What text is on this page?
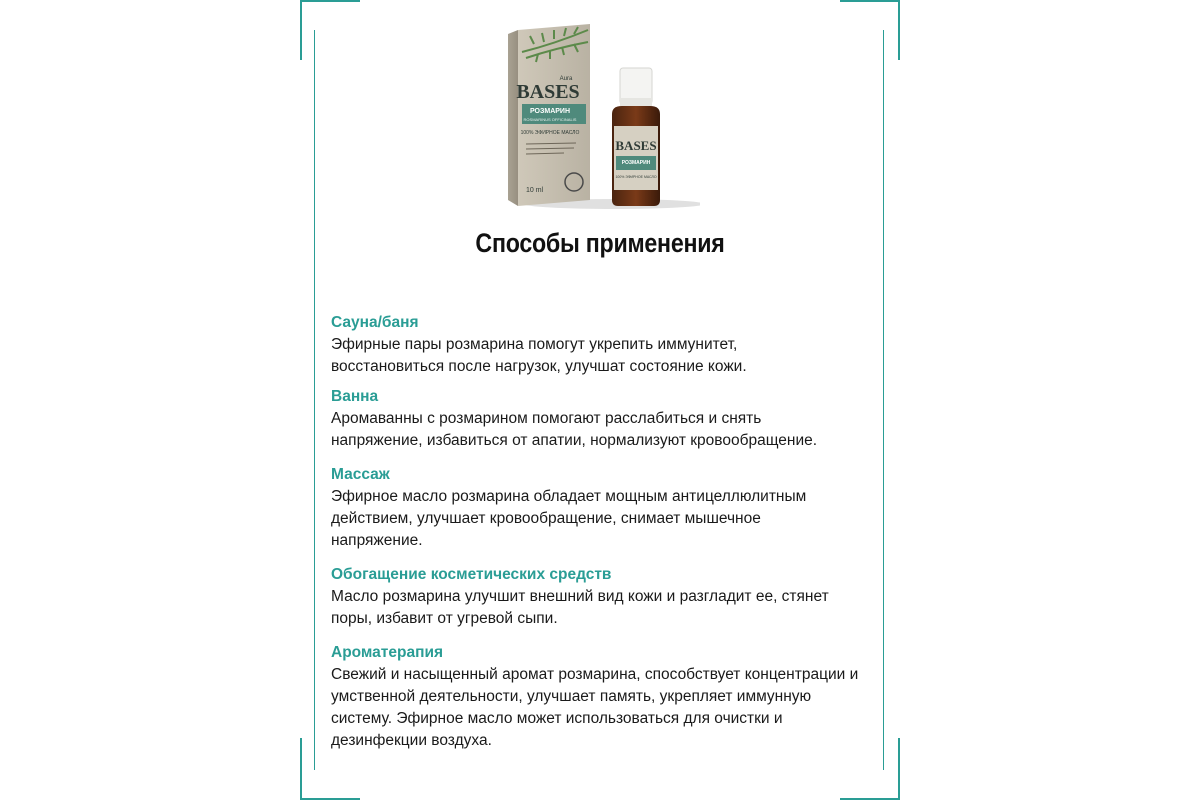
BASES
Aura
РОЗМАРИН
ROSMARINUS OFFICINALIS
100% ЭФИРНОЕ МАСЛО
10 ml
BASES
РОЗМАРИН
100% ЭФИРНОЕ МАСЛО
Способы применения
Сауна/баня

Эфирные пары розмарина помогут укрепить иммунитет,

восстановиться после нагрузок, улучшат состояние кожи.

Ванна

Аромаванны с розмарином помогают расслабиться и снять

напряжение, избавиться от апатии, нормализуют кровообращение.

Массаж

Эфирное масло розмарина обладает мощным антицеллюлитным

действием, улучшает кровообращение, снимает мышечное

напряжение.

Обогащение косметических средств

Масло розмарина улучшит внешний вид кожи и разгладит ее, стянет

поры, избавит от угревой сыпи.

Ароматерапия

Свежий и насыщенный аромат розмарина, способствует концентрации и

умственной деятельности, улучшает память, укрепляет иммунную

систему. Эфирное масло может использоваться для очистки и

дезинфекции воздуха.
